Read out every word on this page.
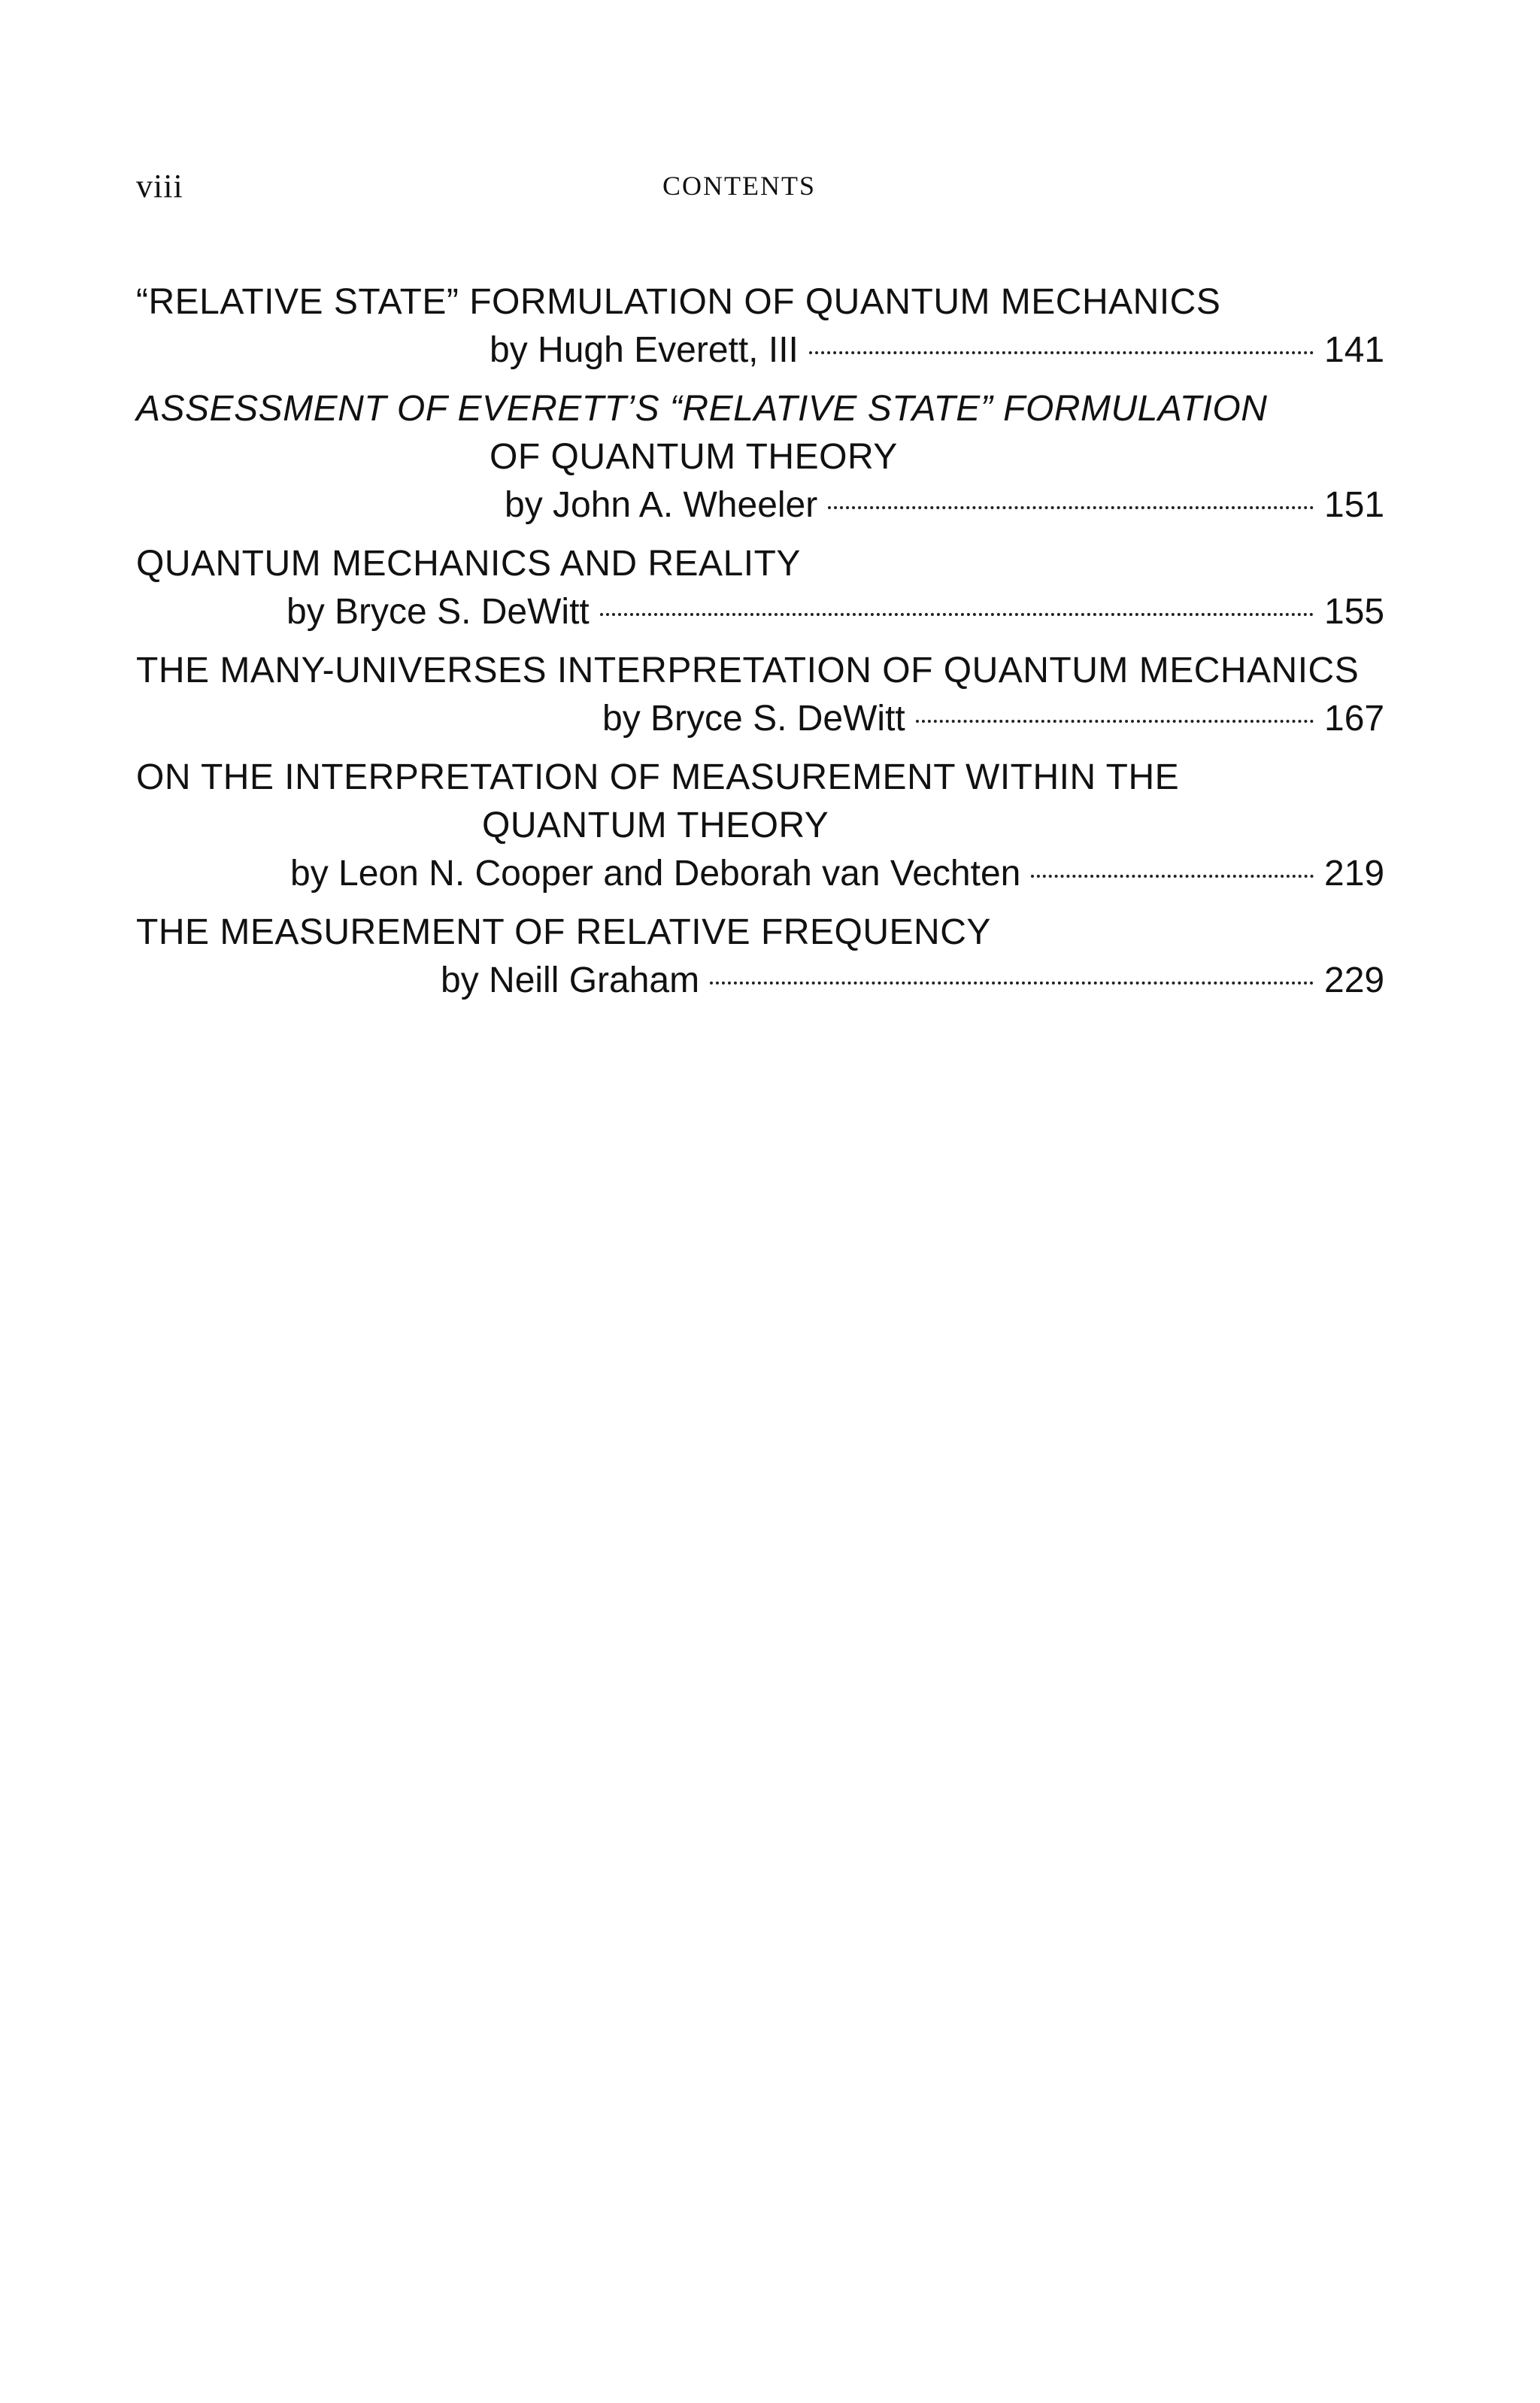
viii	CONTENTS
“RELATIVE STATE” FORMULATION OF QUANTUM MECHANICS
by Hugh Everett, III	141
ASSESSMENT OF EVERETT’S “RELATIVE STATE” FORMULATION
OF QUANTUM THEORY
by John A. Wheeler	151
QUANTUM MECHANICS AND REALITY
by Bryce S. DeWitt	155
THE MANY-UNIVERSES INTERPRETATION OF QUANTUM MECHANICS
by Bryce S. DeWitt	167
ON THE INTERPRETATION OF MEASUREMENT WITHIN THE
QUANTUM THEORY
by Leon N. Cooper and Deborah van Vechten	219
THE MEASUREMENT OF RELATIVE FREQUENCY
by Neill Graham	229
